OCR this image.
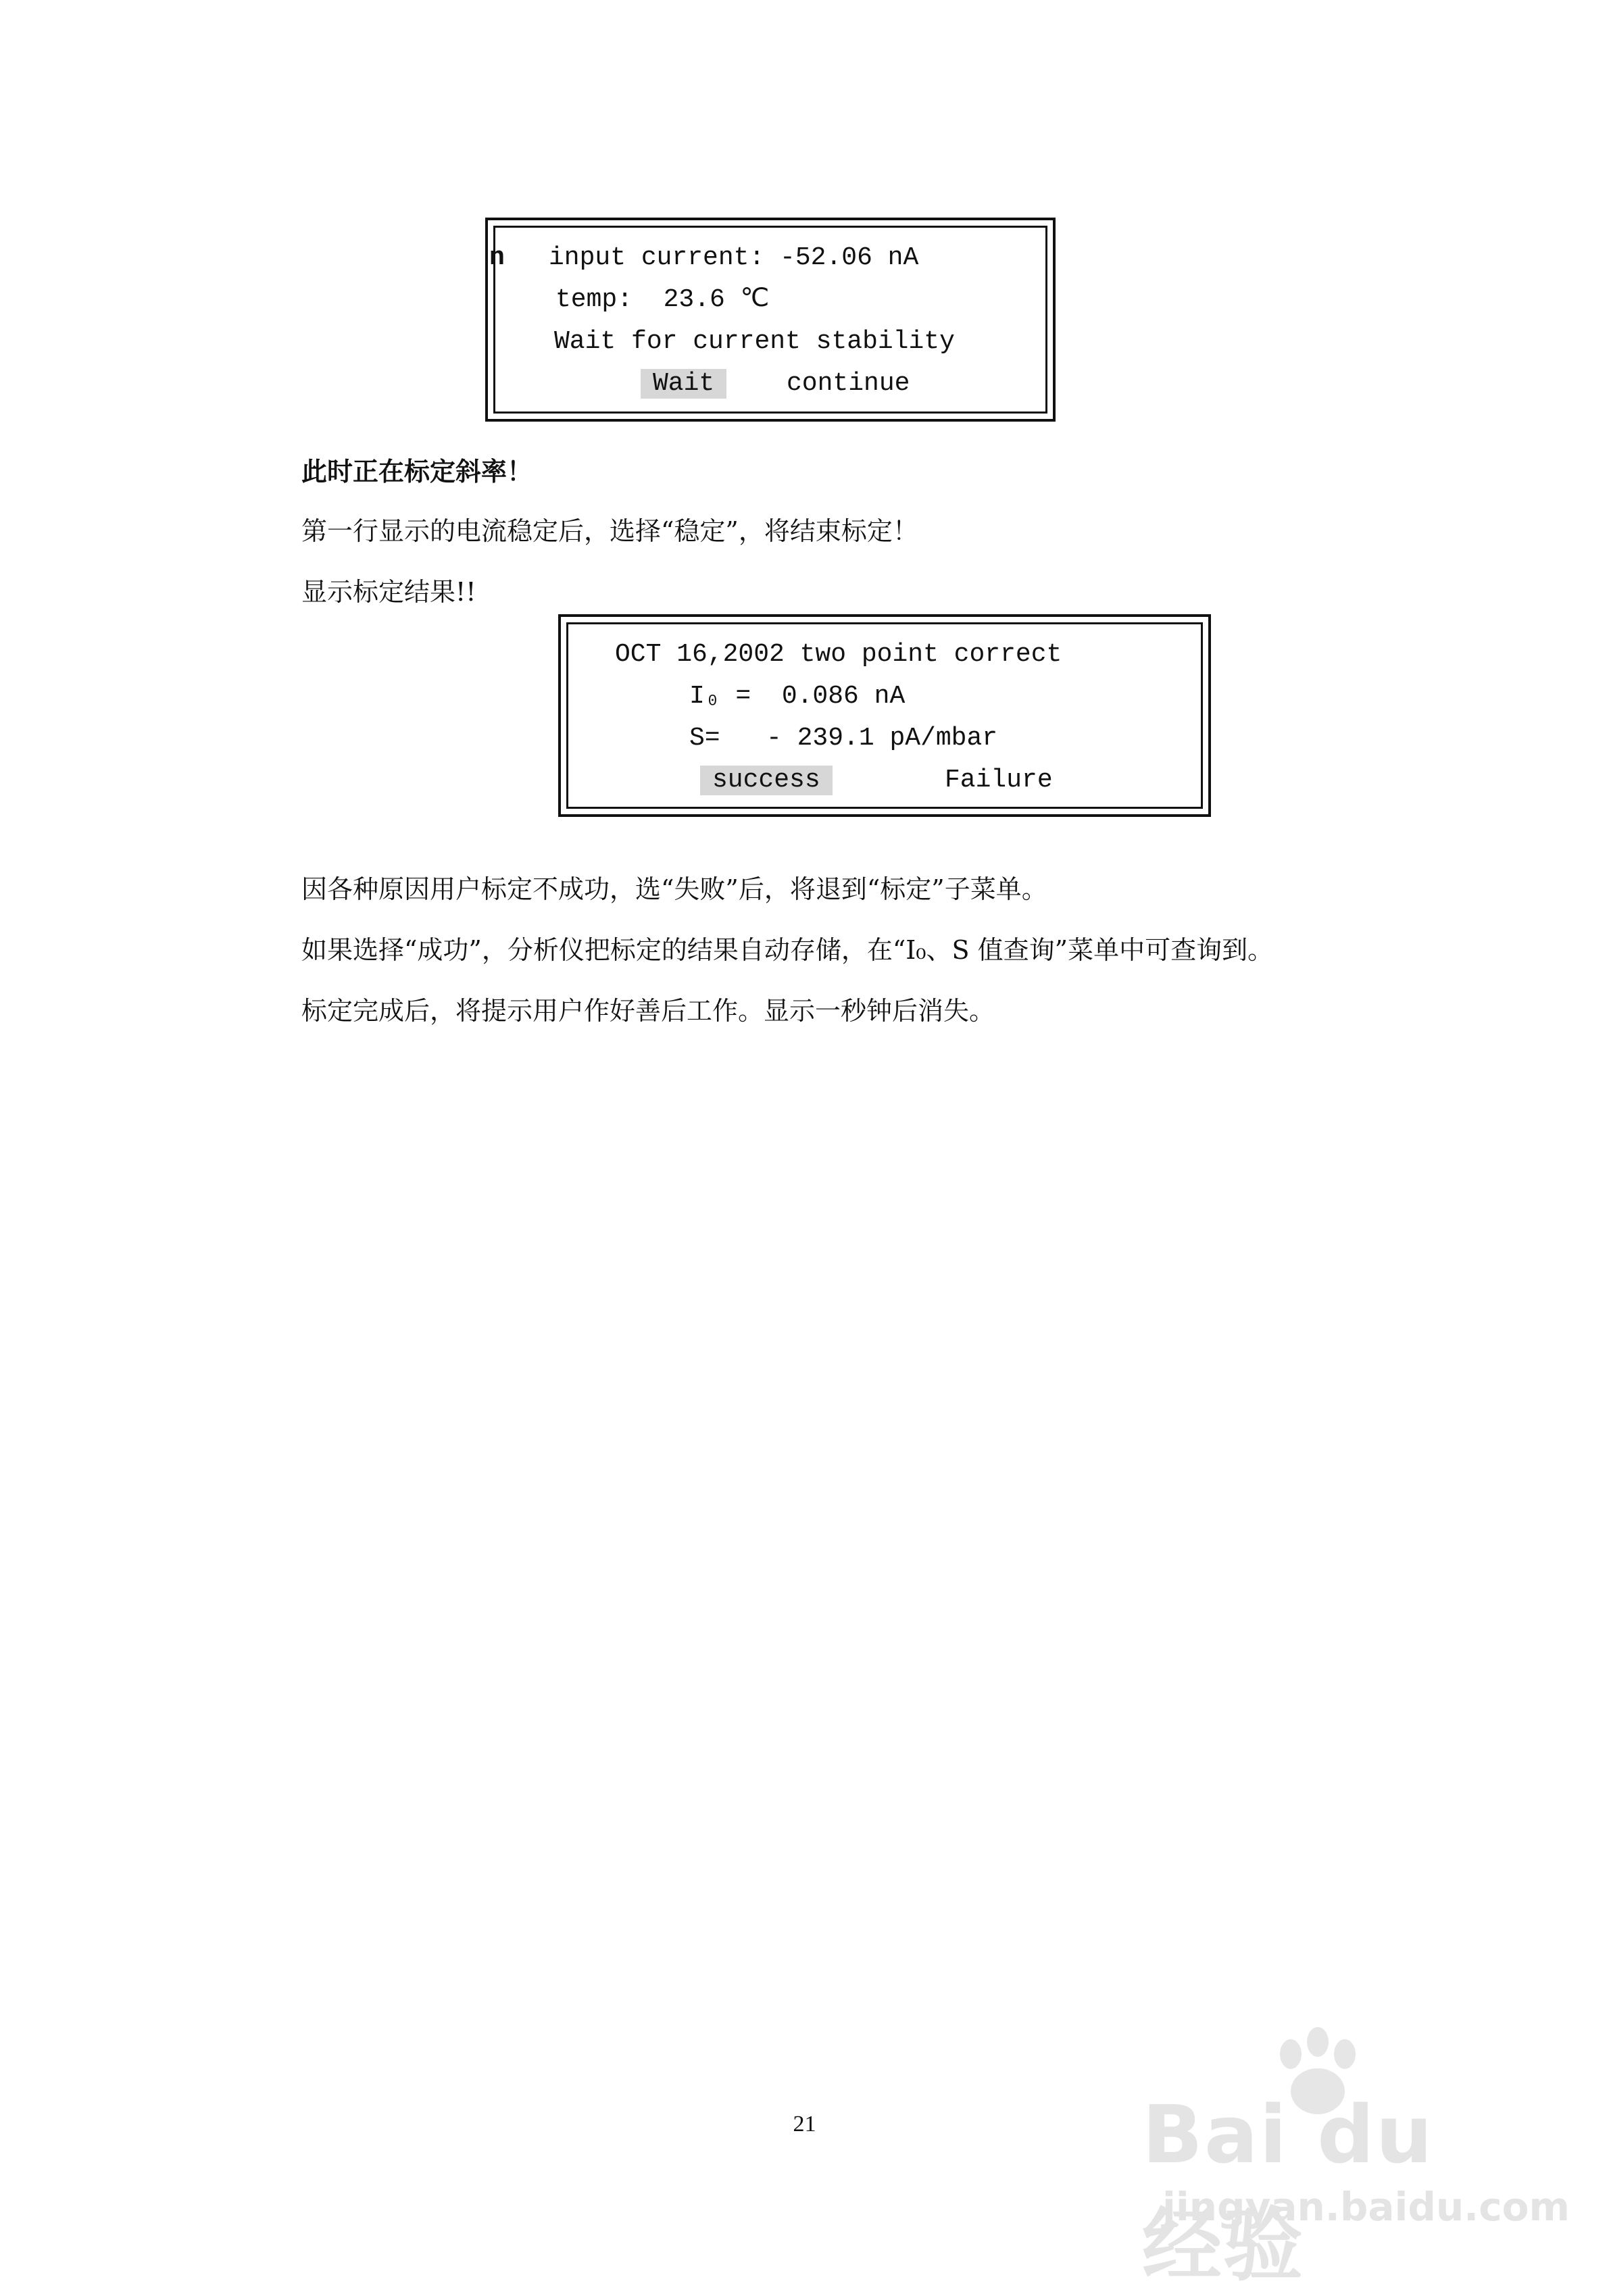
n input current: -52.06 nA
temp:  23.6 ℃
Wait for current stability
Wait	continue
此时正在标定斜率！
第一行显示的电流稳定后，选择“稳定”，将结束标定！
显示标定结果!!
OCT 16,2002 two point correct
I₀ =  0.086 nA
S=   - 239.1 pA/mbar
success	Failure
因各种原因用户标定不成功，选“失败”后，将退到“标定”子菜单。
如果选择“成功”，分析仪把标定的结果自动存储，在“I₀、S 值查询”菜单中可查询到。
标定完成后，将提示用户作好善后工作。显示一秒钟后消失。
21	Bai du 经验
jingyan.baidu.com
